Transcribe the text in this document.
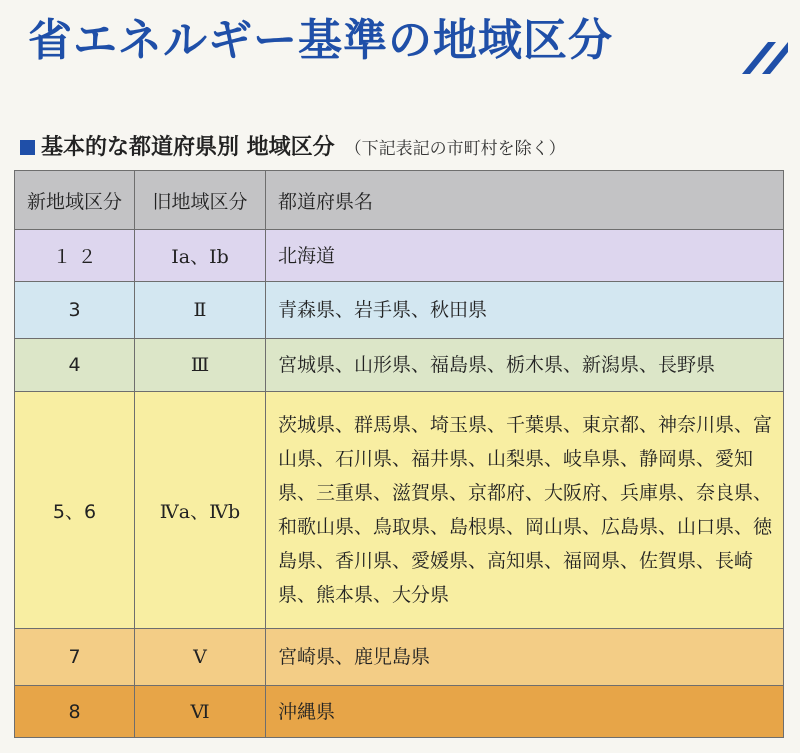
省エネルギー基準の地域区分
基本的な都道府県別 地域区分 （下記表記の市町村を除く）
新地域区分	旧地域区分	都道府県名
１ ２	Ⅰa、Ⅰb	北海道
3	Ⅱ	青森県、岩手県、秋田県
4	Ⅲ	宮城県、山形県、福島県、栃木県、新潟県、長野県
5、6	Ⅳa、Ⅳb	茨城県、群馬県、埼玉県、千葉県、東京都、神奈川県、富山県、石川県、福井県、山梨県、岐阜県、静岡県、愛知県、三重県、滋賀県、京都府、大阪府、兵庫県、奈良県、和歌山県、鳥取県、島根県、岡山県、広島県、山口県、徳島県、香川県、愛媛県、高知県、福岡県、佐賀県、長崎県、熊本県、大分県
7	Ⅴ	宮崎県、鹿児島県
8	Ⅵ	沖縄県
